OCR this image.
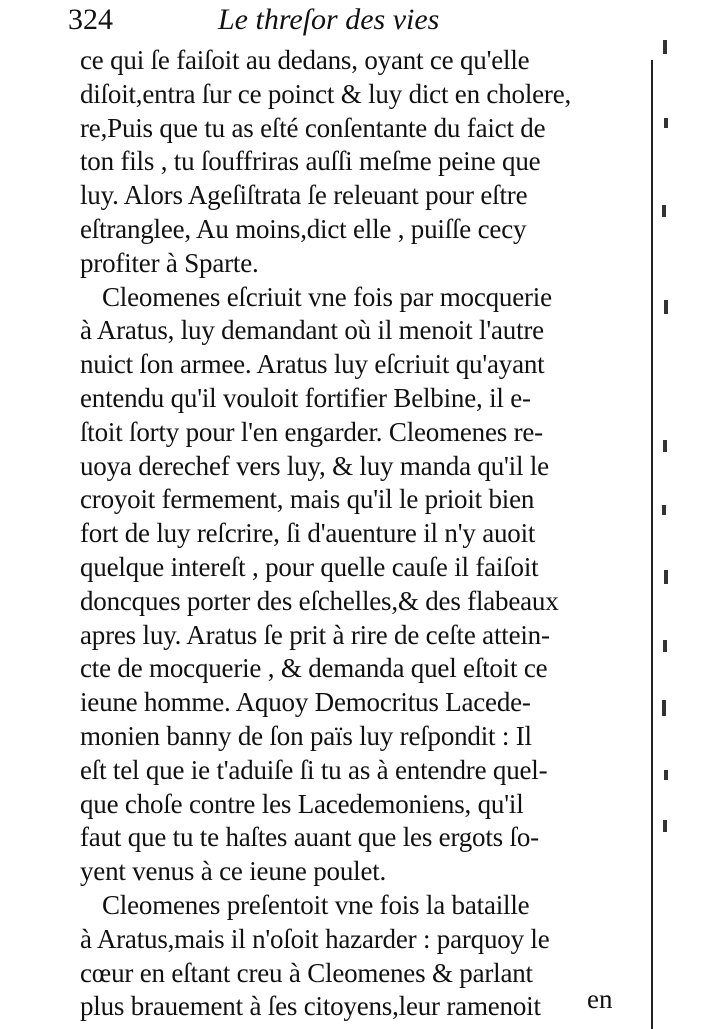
324	Le threſor des vies
ce qui ſe faiſoit au dedans, oyant ce qu'elle
diſoit,entra ſur ce poinct & luy dict en cholere,
re,Puis que tu as eſté conſentante du faict de
ton fils , tu ſouffriras auſſi meſme peine que
luy. Alors Ageſiſtrata ſe releuant pour eſtre
eſtranglee, Au moins,dict elle , puiſſe cecy
profiter à Sparte.
Cleomenes eſcriuit vne fois par mocquerie
à Aratus, luy demandant où il menoit l'autre
nuict ſon armee. Aratus luy eſcriuit qu'ayant
entendu qu'il vouloit fortifier Belbine, il e-
ſtoit ſorty pour l'en engarder. Cleomenes re-
uoya derechef vers luy, & luy manda qu'il le
croyoit fermement, mais qu'il le prioit bien
fort de luy reſcrire, ſi d'auenture il n'y auoit
quelque intereſt , pour quelle cauſe il faiſoit
doncques porter des eſchelles,& des flabeaux
apres luy. Aratus ſe prit à rire de ceſte attein-
cte de mocquerie , & demanda quel eſtoit ce
ieune homme. Aquoy Democritus Lacede-
monien banny de ſon païs luy reſpondit : Il
eſt tel que ie t'aduiſe ſi tu as à entendre quel-
que choſe contre les Lacedemoniens, qu'il
faut que tu te haſtes auant que les ergots ſo-
yent venus à ce ieune poulet.
Cleomenes preſentoit vne fois la bataille
à Aratus,mais il n'oſoit hazarder : parquoy le
cœur en eſtant creu à Cleomenes & parlant
plus brauement à ſes citoyens,leur ramenoit	en
